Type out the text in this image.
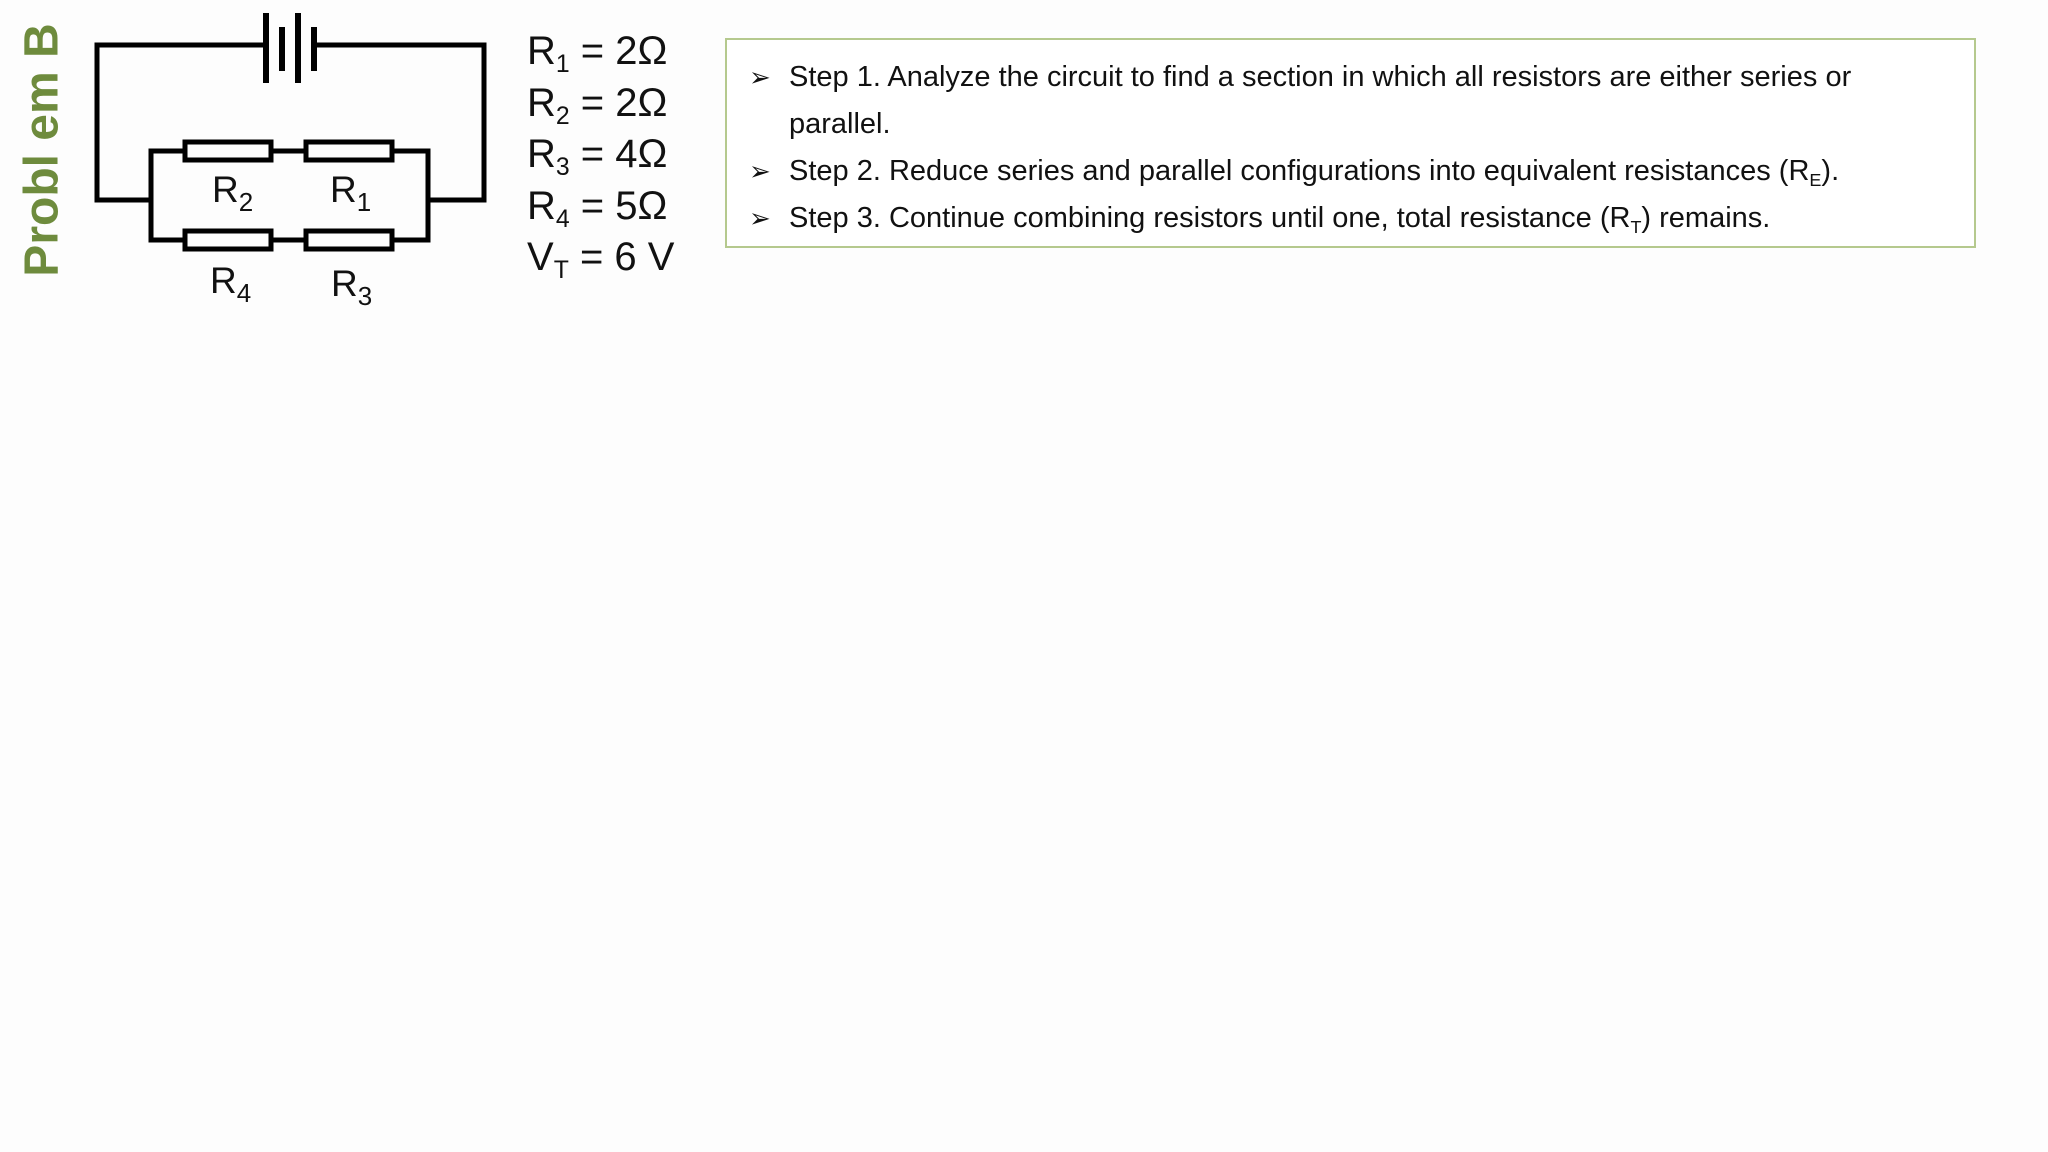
Probl em B	$R_2$ $R_1$
$R_4$ $R_3$
$R_1 = 2\Omega$
$R_2 = 2\Omega$
$R_3 = 4\Omega$
$R_4 = 5\Omega$
$V_T = 6$ V
➢ Step 1. Analyze the circuit to find a section in which all resistors are either series or parallel.
➢ Step 2. Reduce series and parallel configurations into equivalent resistances $(R_E)$.
➢ Step 3. Continue combining resistors until one, total resistance $(R_T)$ remains.
